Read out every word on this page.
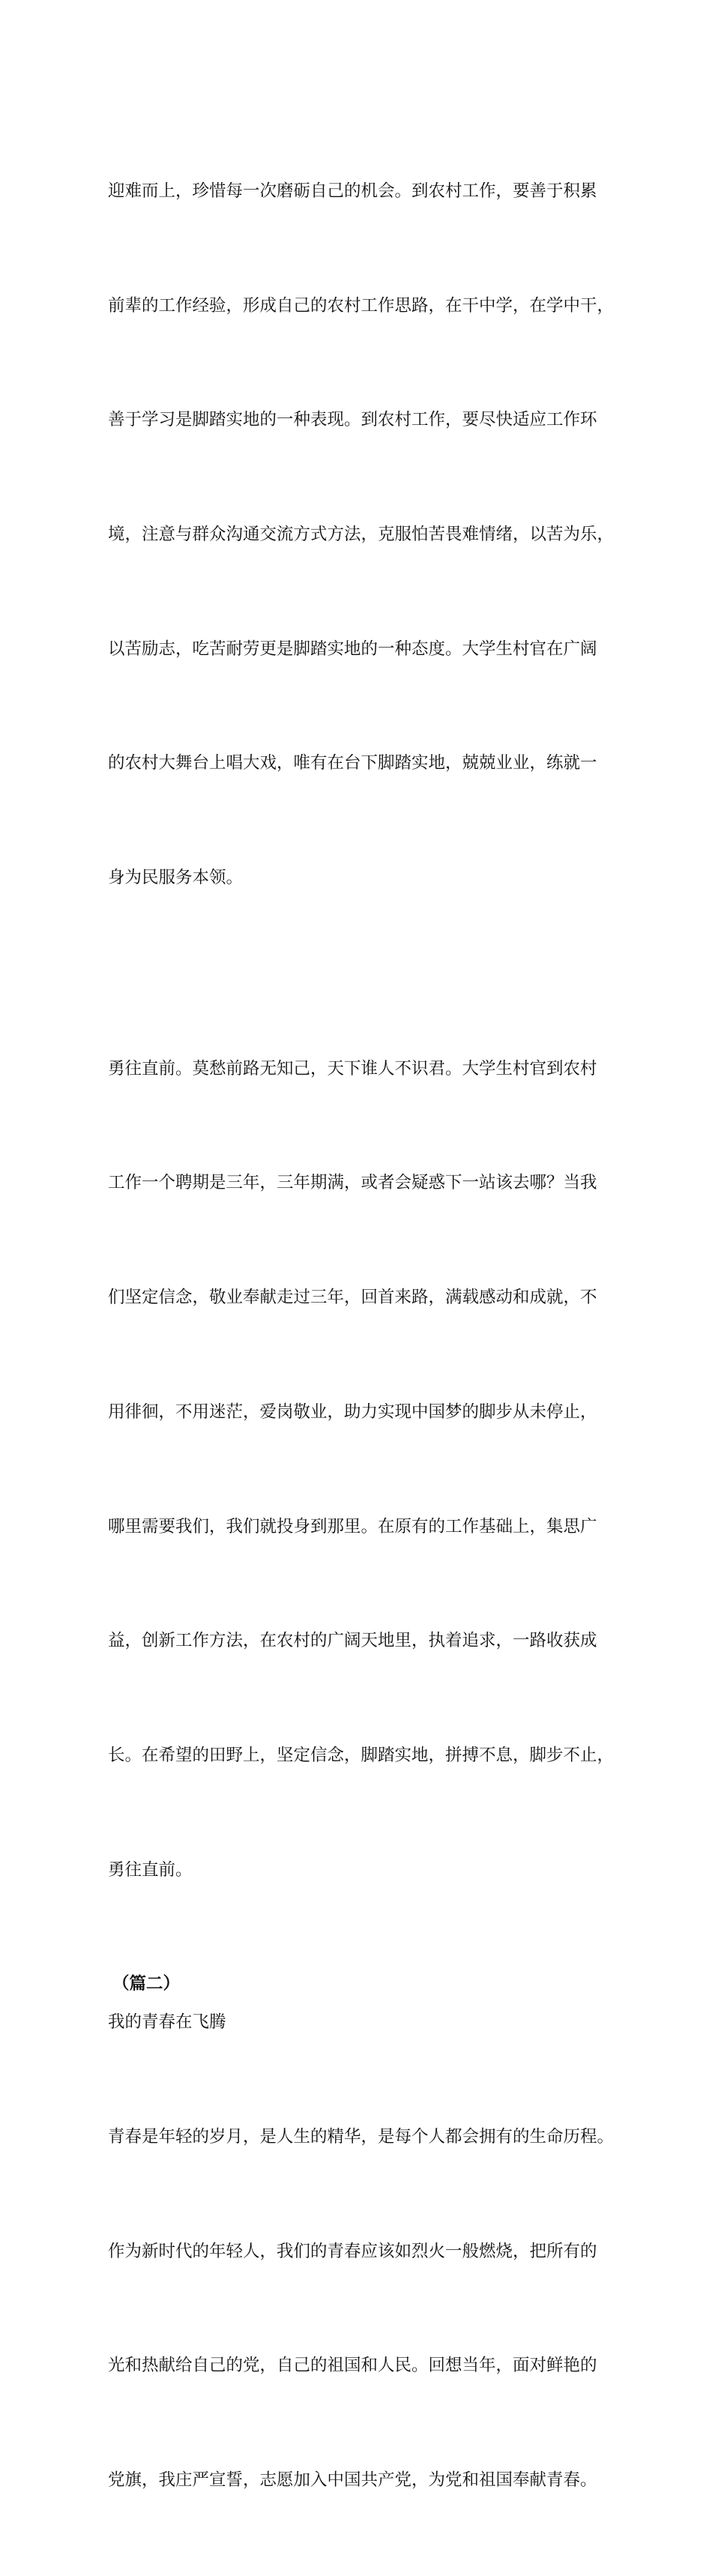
迎难而上，珍惜每一次磨砺自己的机会。到农村工作，要善于积累

前辈的工作经验，形成自己的农村工作思路，在干中学，在学中干，

善于学习是脚踏实地的一种表现。到农村工作，要尽快适应工作环

境，注意与群众沟通交流方式方法，克服怕苦畏难情绪，以苦为乐，

以苦励志，吃苦耐劳更是脚踏实地的一种态度。大学生村官在广阔

的农村大舞台上唱大戏，唯有在台下脚踏实地，兢兢业业，练就一

身为民服务本领。

勇往直前。莫愁前路无知己，天下谁人不识君。大学生村官到农村

工作一个聘期是三年，三年期满，或者会疑惑下一站该去哪？当我

们坚定信念，敬业奉献走过三年，回首来路，满载感动和成就，不

用徘徊，不用迷茫，爱岗敬业，助力实现中国梦的脚步从未停止，

哪里需要我们，我们就投身到那里。在原有的工作基础上，集思广

益，创新工作方法，在农村的广阔天地里，执着追求，一路收获成

长。在希望的田野上，坚定信念，脚踏实地，拼搏不息，脚步不止，

勇往直前。

（篇二）
我的青春在飞腾

青春是年轻的岁月，是人生的精华，是每个人都会拥有的生命历程。

作为新时代的年轻人，我们的青春应该如烈火一般燃烧，把所有的

光和热献给自己的党，自己的祖国和人民。回想当年，面对鲜艳的

党旗，我庄严宣誓，志愿加入中国共产党，为党和祖国奉献青春。
